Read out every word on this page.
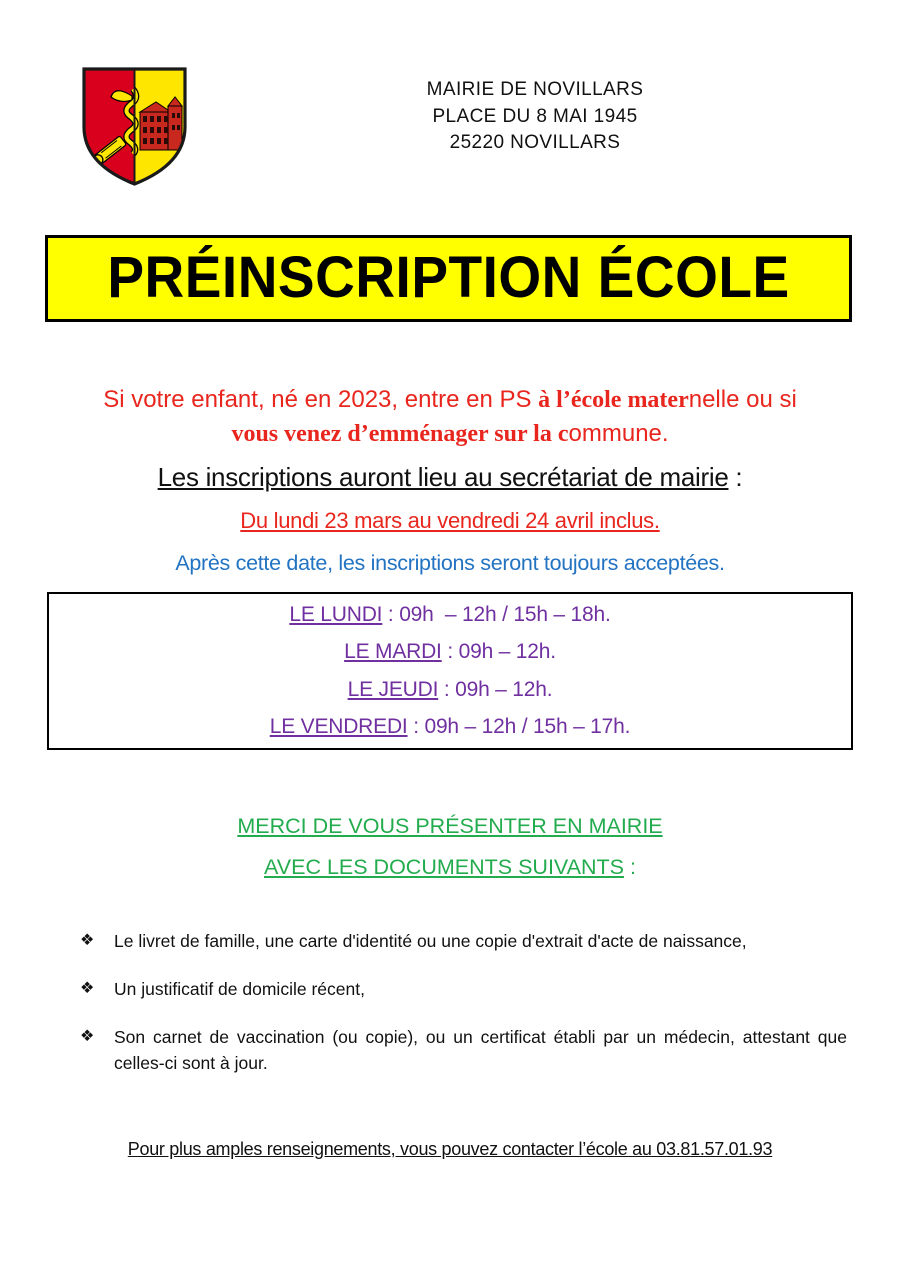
MAIRIE DE NOVILLARS
PLACE DU 8 MAI 1945
25220 NOVILLARS
PRÉINSCRIPTION ÉCOLE
Si votre enfant, né en 2023, entre en PS à l’école maternelle ou si
vous venez d’emménager sur la commune.
Les inscriptions auront lieu au secrétariat de mairie :
Du lundi 23 mars au vendredi 24 avril inclus.
Après cette date, les inscriptions seront toujours acceptées.
LE LUNDI : 09h  – 12h / 15h – 18h.
LE MARDI : 09h – 12h.
LE JEUDI : 09h – 12h.
LE VENDREDI : 09h – 12h / 15h – 17h.
MERCI DE VOUS PRÉSENTER EN MAIRIE
AVEC LES DOCUMENTS SUIVANTS :
❖	Le livret de famille, une carte d'identité ou une copie d'extrait d'acte de naissance,
❖	Un justificatif de domicile récent,
❖	Son carnet de vaccination (ou copie), ou un certificat établi par un médecin, attestant que celles-ci sont à jour.
Pour plus amples renseignements, vous pouvez contacter l’école au 03.81.57.01.93
